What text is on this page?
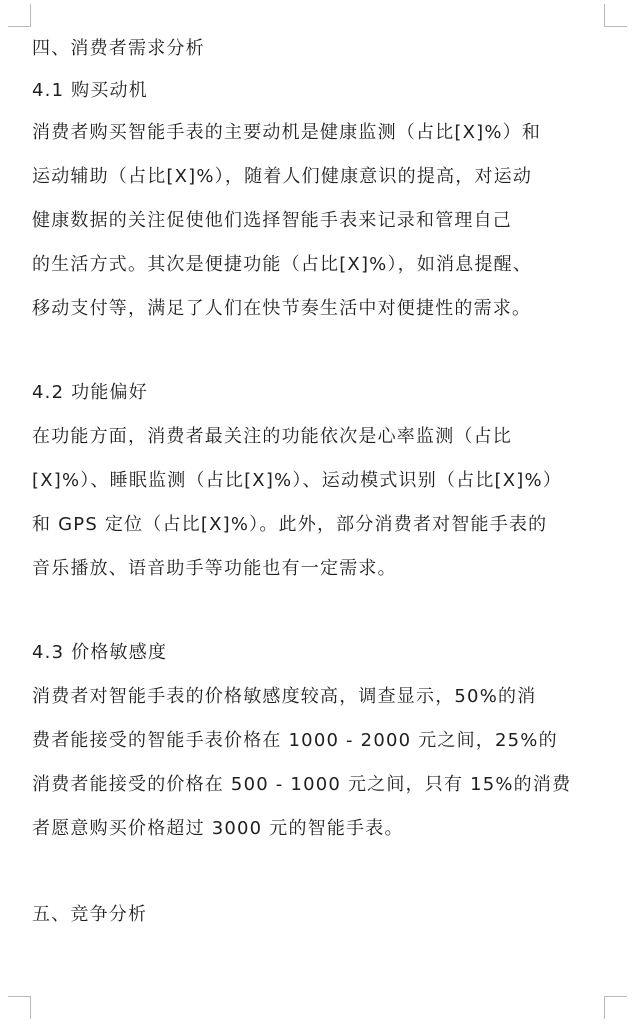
四、消费者需求分析

4.1 购买动机

消费者购买智能手表的主要动机是健康监测（占比[X]%）和

运动辅助（占比[X]%），随着人们健康意识的提高，对运动

健康数据的关注促使他们选择智能手表来记录和管理自己

的生活方式。其次是便捷功能（占比[X]%），如消息提醒、

移动支付等，满足了人们在快节奏生活中对便捷性的需求。

4.2 功能偏好

在功能方面，消费者最关注的功能依次是心率监测（占比

[X]%）、睡眠监测（占比[X]%）、运动模式识别（占比[X]%）

和 GPS 定位（占比[X]%）。此外，部分消费者对智能手表的

音乐播放、语音助手等功能也有一定需求。

4.3 价格敏感度

消费者对智能手表的价格敏感度较高，调查显示，50%的消

费者能接受的智能手表价格在 1000 - 2000 元之间，25%的

消费者能接受的价格在 500 - 1000 元之间，只有 15%的消费

者愿意购买价格超过 3000 元的智能手表。

五、竞争分析
